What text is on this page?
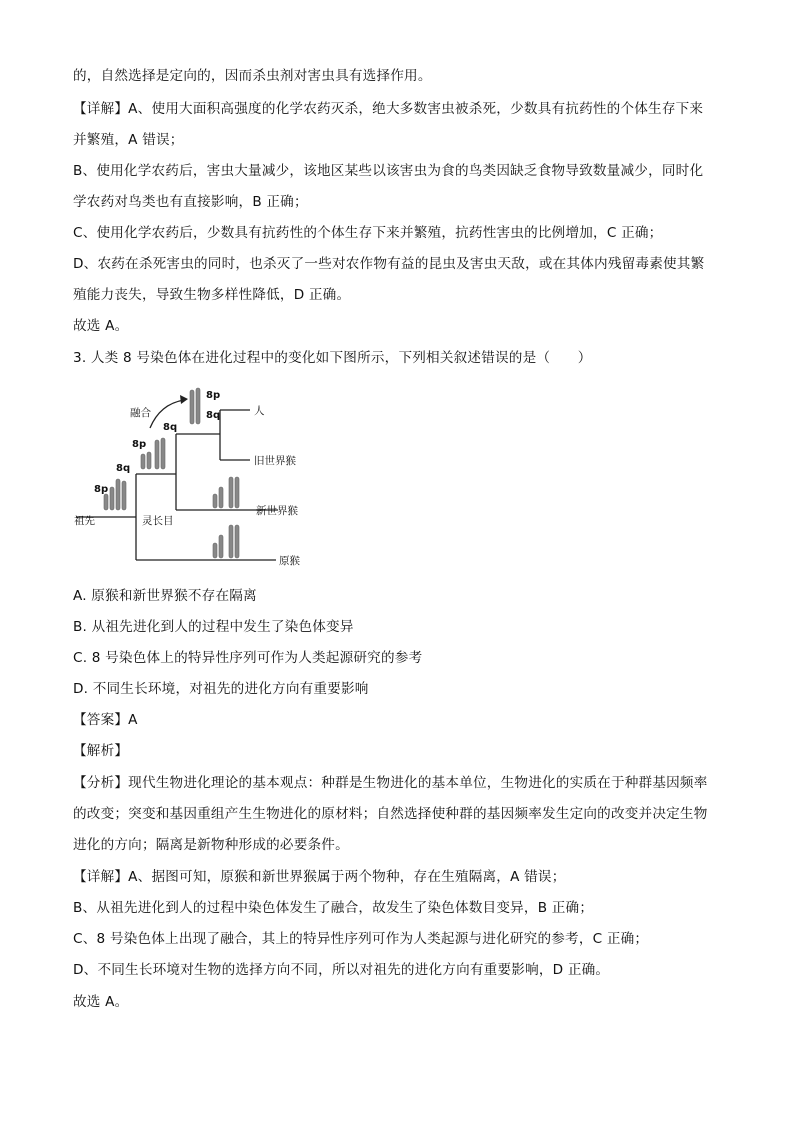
的，自然选择是定向的，因而杀虫剂对害虫具有选择作用。
【详解】A、使用大面积高强度的化学农药灭杀，绝大多数害虫被杀死，少数具有抗药性的个体生存下来
并繁殖，A 错误；
B、使用化学农药后，害虫大量减少，该地区某些以该害虫为食的鸟类因缺乏食物导致数量减少，同时化
学农药对鸟类也有直接影响，B 正确；
C、使用化学农药后，少数具有抗药性的个体生存下来并繁殖，抗药性害虫的比例增加，C 正确；
D、农药在杀死害虫的同时，也杀灭了一些对农作物有益的昆虫及害虫天敌，或在其体内残留毒素使其繁
殖能力丧失，导致生物多样性降低，D 正确。
故选 A。
3. 人类 8 号染色体在进化过程中的变化如下图所示，下列相关叙述错误的是（　　）
8p
8q
8p
8q
8p
8q
融合	人
旧世界猴
新世界猴
原猴
祖先	灵长目
A. 原猴和新世界猴不存在隔离
B. 从祖先进化到人的过程中发生了染色体变异
C. 8 号染色体上的特异性序列可作为人类起源研究的参考
D. 不同生长环境，对祖先的进化方向有重要影响
【答案】A
【解析】
【分析】现代生物进化理论的基本观点：种群是生物进化的基本单位，生物进化的实质在于种群基因频率
的改变；突变和基因重组产生生物进化的原材料；自然选择使种群的基因频率发生定向的改变并决定生物
进化的方向；隔离是新物种形成的必要条件。
【详解】A、据图可知，原猴和新世界猴属于两个物种，存在生殖隔离，A 错误；
B、从祖先进化到人的过程中染色体发生了融合，故发生了染色体数目变异，B 正确；
C、8 号染色体上出现了融合，其上的特异性序列可作为人类起源与进化研究的参考，C 正确；
D、不同生长环境对生物的选择方向不同，所以对祖先的进化方向有重要影响，D 正确。
故选 A。
